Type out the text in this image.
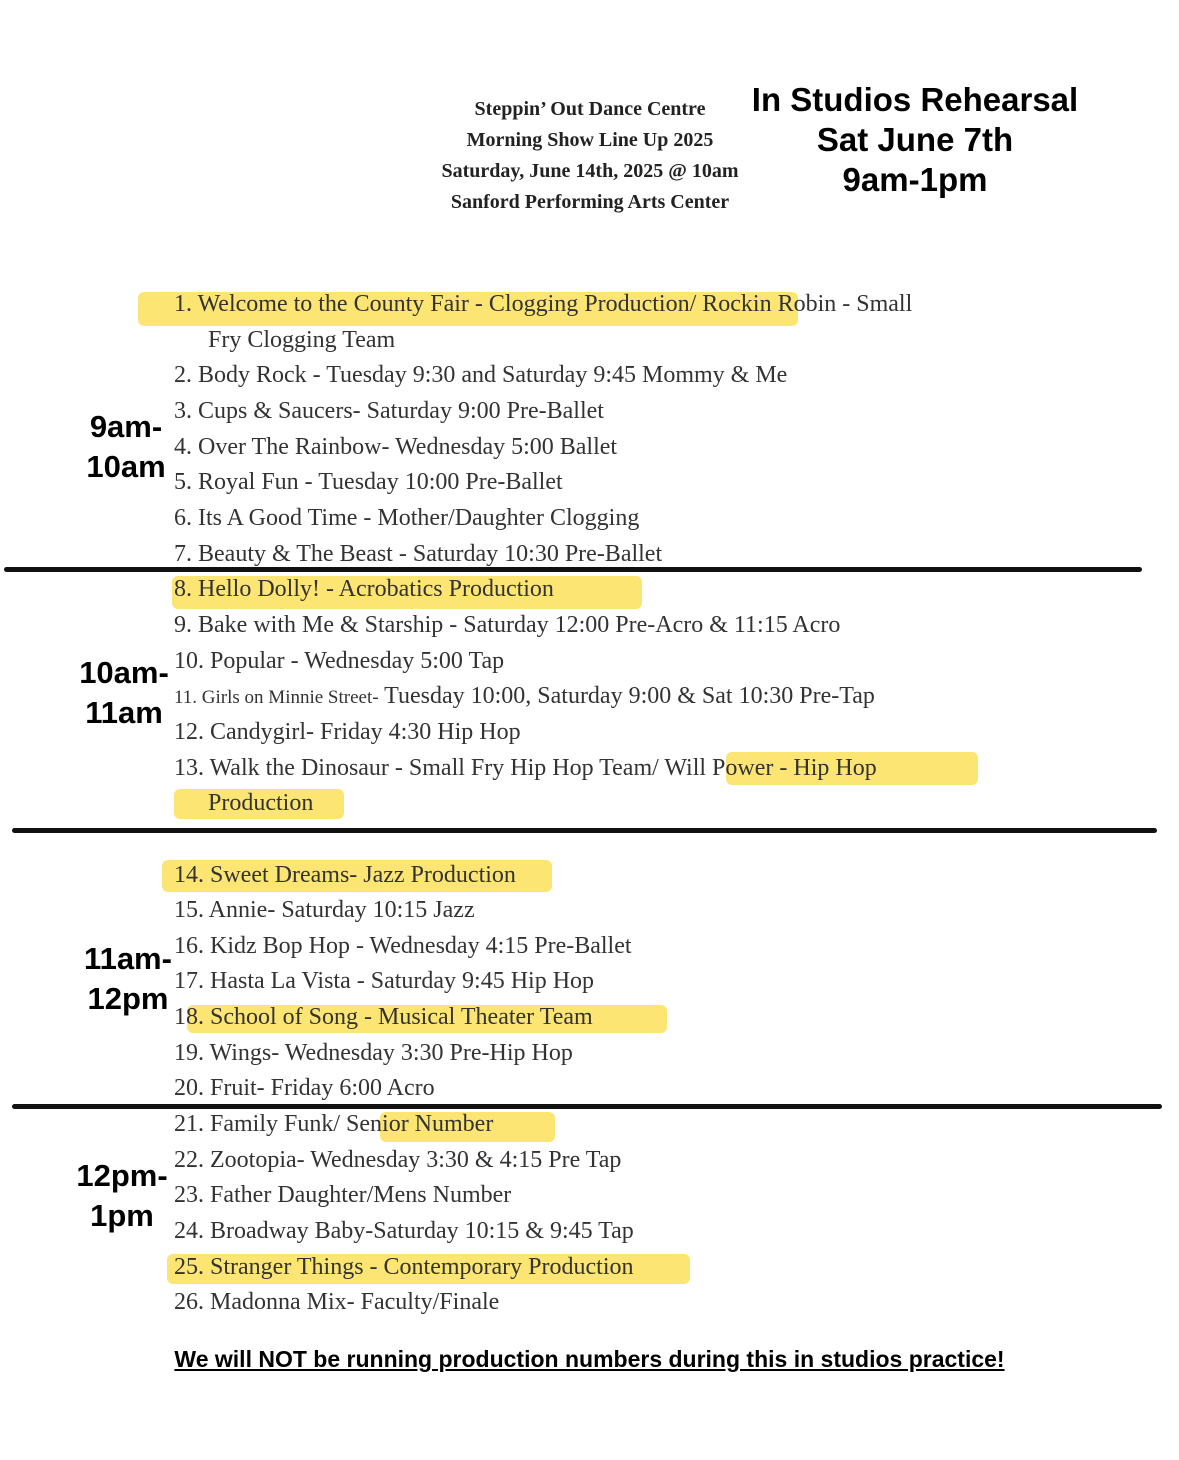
Steppin’ Out Dance Centre
Morning Show Line Up 2025
Saturday, June 14th, 2025 @ 10am
Sanford Performing Arts Center
In Studios Rehearsal
Sat June 7th
9am-1pm
9am-
10am
10am-
11am
11am-
12pm
12pm-
1pm
1. Welcome to the County Fair - Clogging Production/ Rockin Robin - Small
Fry Clogging Team
2. Body Rock - Tuesday 9:30 and Saturday 9:45 Mommy & Me
3. Cups & Saucers- Saturday 9:00 Pre-Ballet
4. Over The Rainbow- Wednesday 5:00 Ballet
5. Royal Fun - Tuesday 10:00 Pre-Ballet
6. Its A Good Time - Mother/Daughter Clogging
7. Beauty & The Beast - Saturday 10:30 Pre-Ballet
8. Hello Dolly! - Acrobatics Production
9. Bake with Me & Starship - Saturday 12:00 Pre-Acro & 11:15 Acro
10. Popular - Wednesday 5:00 Tap
11. Girls on Minnie Street- Tuesday 10:00, Saturday 9:00 & Sat 10:30 Pre-Tap
12. Candygirl- Friday 4:30 Hip Hop
13. Walk the Dinosaur - Small Fry Hip Hop Team/ Will Power - Hip Hop
Production
14. Sweet Dreams- Jazz Production
15. Annie- Saturday 10:15 Jazz
16. Kidz Bop Hop - Wednesday 4:15 Pre-Ballet
17. Hasta La Vista - Saturday 9:45 Hip Hop
18. School of Song - Musical Theater Team
19. Wings- Wednesday 3:30 Pre-Hip Hop
20. Fruit- Friday 6:00 Acro
21. Family Funk/ Senior Number
22. Zootopia- Wednesday 3:30 & 4:15 Pre Tap
23. Father Daughter/Mens Number
24. Broadway Baby-Saturday 10:15 & 9:45 Tap
25. Stranger Things - Contemporary Production
26. Madonna Mix- Faculty/Finale
We will NOT be running production numbers during this in studios practice!
